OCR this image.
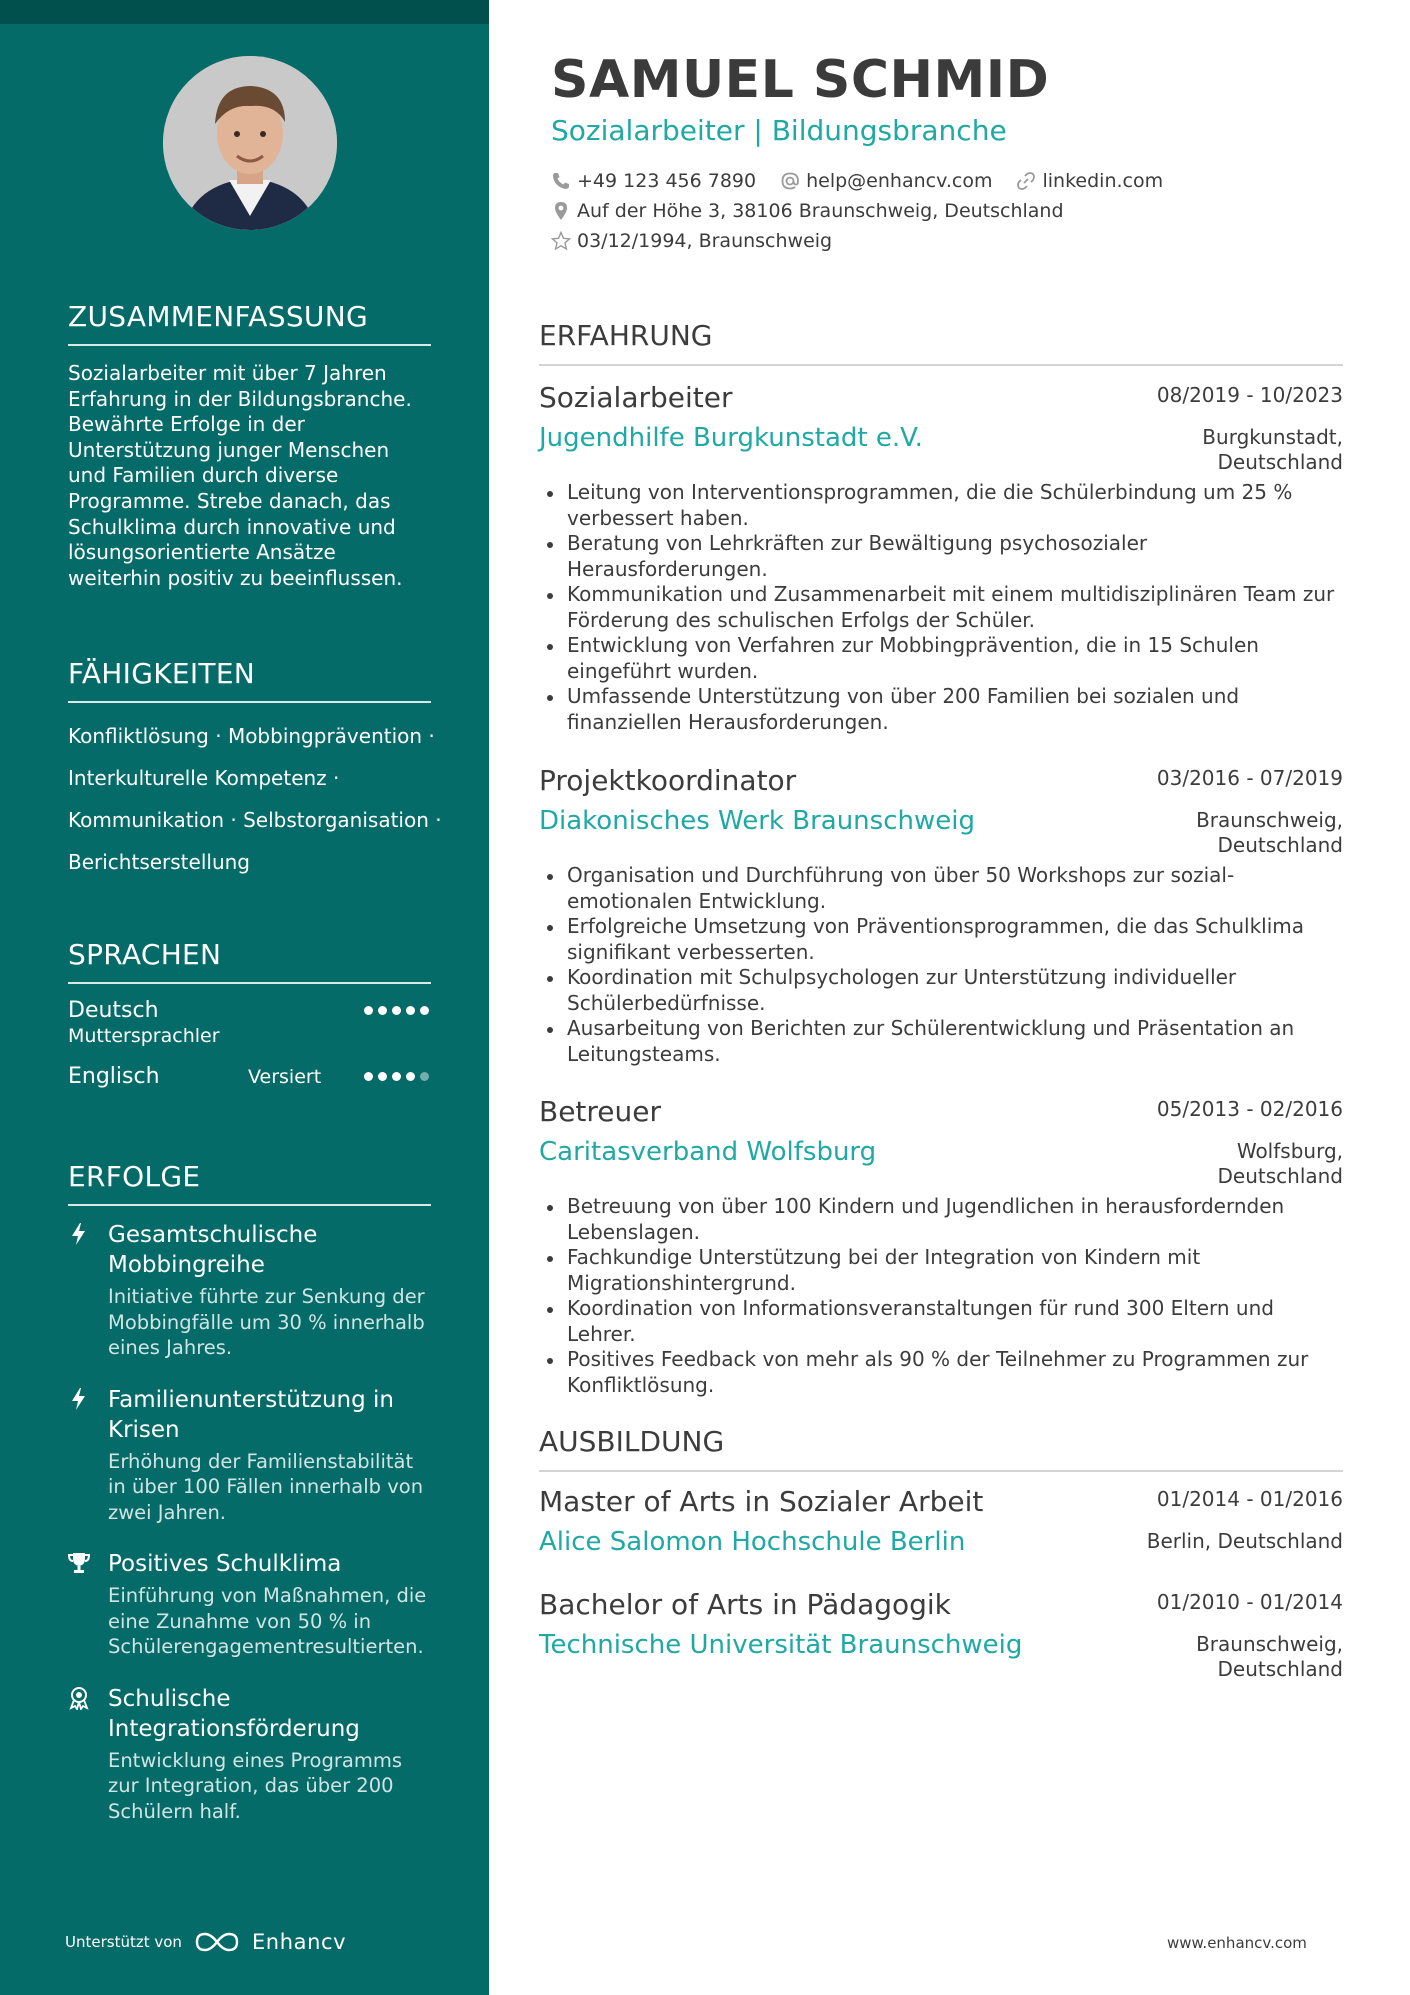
ZUSAMMENFASSUNG
Sozialarbeiter mit über 7 Jahren Erfahrung in der Bildungsbranche. Bewährte Erfolge in der Unterstützung junger Menschen und Familien durch diverse Programme. Strebe danach, das Schulklima durch innovative und lösungsorientierte Ansätze weiterhin positiv zu beeinflussen.
FÄHIGKEITEN
Konfliktlösung · Mobbingprävention ·
Interkulturelle Kompetenz ·
Kommunikation · Selbstorganisation ·
Berichtserstellung
SPRACHEN
Deutsch
Muttersprachler
Englisch	Versiert
ERFOLGE
Gesamtschulische Mobbingreihe
Initiative führte zur Senkung der Mobbingfälle um 30 % innerhalb eines Jahres.
Familienunterstützung in Krisen
Erhöhung der Familienstabilität in über 100 Fällen innerhalb von zwei Jahren.
Positives Schulklima
Einführung von Maßnahmen, die eine Zunahme von 50 % in Schülerengagementresultierten.
Schulische Integrationsförderung
Entwicklung eines Programms zur Integration, das über 200 Schülern half.
Unterstützt von	Enhancv
SAMUEL SCHMID
Sozialarbeiter | Bildungsbranche
+49 123 456 7890	help@enhancv.com	linkedin.com
Auf der Höhe 3, 38106 Braunschweig, Deutschland
03/12/1994, Braunschweig
ERFAHRUNG
Sozialarbeiter	08/2019 - 10/2023
Jugendhilfe Burgkunstadt e.V.	Burgkunstadt, Deutschland
Leitung von Interventionsprogrammen, die die Schülerbindung um 25 % verbessert haben.
Beratung von Lehrkräften zur Bewältigung psychosozialer Herausforderungen.
Kommunikation und Zusammenarbeit mit einem multidisziplinären Team zur Förderung des schulischen Erfolgs der Schüler.
Entwicklung von Verfahren zur Mobbingprävention, die in 15 Schulen eingeführt wurden.
Umfassende Unterstützung von über 200 Familien bei sozialen und finanziellen Herausforderungen.
Projektkoordinator	03/2016 - 07/2019
Diakonisches Werk Braunschweig	Braunschweig, Deutschland
Organisation und Durchführung von über 50 Workshops zur sozial-emotionalen Entwicklung.
Erfolgreiche Umsetzung von Präventionsprogrammen, die das Schulklima signifikant verbesserten.
Koordination mit Schulpsychologen zur Unterstützung individueller Schülerbedürfnisse.
Ausarbeitung von Berichten zur Schülerentwicklung und Präsentation an Leitungsteams.
Betreuer	05/2013 - 02/2016
Caritasverband Wolfsburg	Wolfsburg, Deutschland
Betreuung von über 100 Kindern und Jugendlichen in herausfordernden Lebenslagen.
Fachkundige Unterstützung bei der Integration von Kindern mit Migrationshintergrund.
Koordination von Informationsveranstaltungen für rund 300 Eltern und Lehrer.
Positives Feedback von mehr als 90 % der Teilnehmer zu Programmen zur Konfliktlösung.
AUSBILDUNG
Master of Arts in Sozialer Arbeit	01/2014 - 01/2016
Alice Salomon Hochschule Berlin	Berlin, Deutschland
Bachelor of Arts in Pädagogik	01/2010 - 01/2014
Technische Universität Braunschweig	Braunschweig, Deutschland
www.enhancv.com
